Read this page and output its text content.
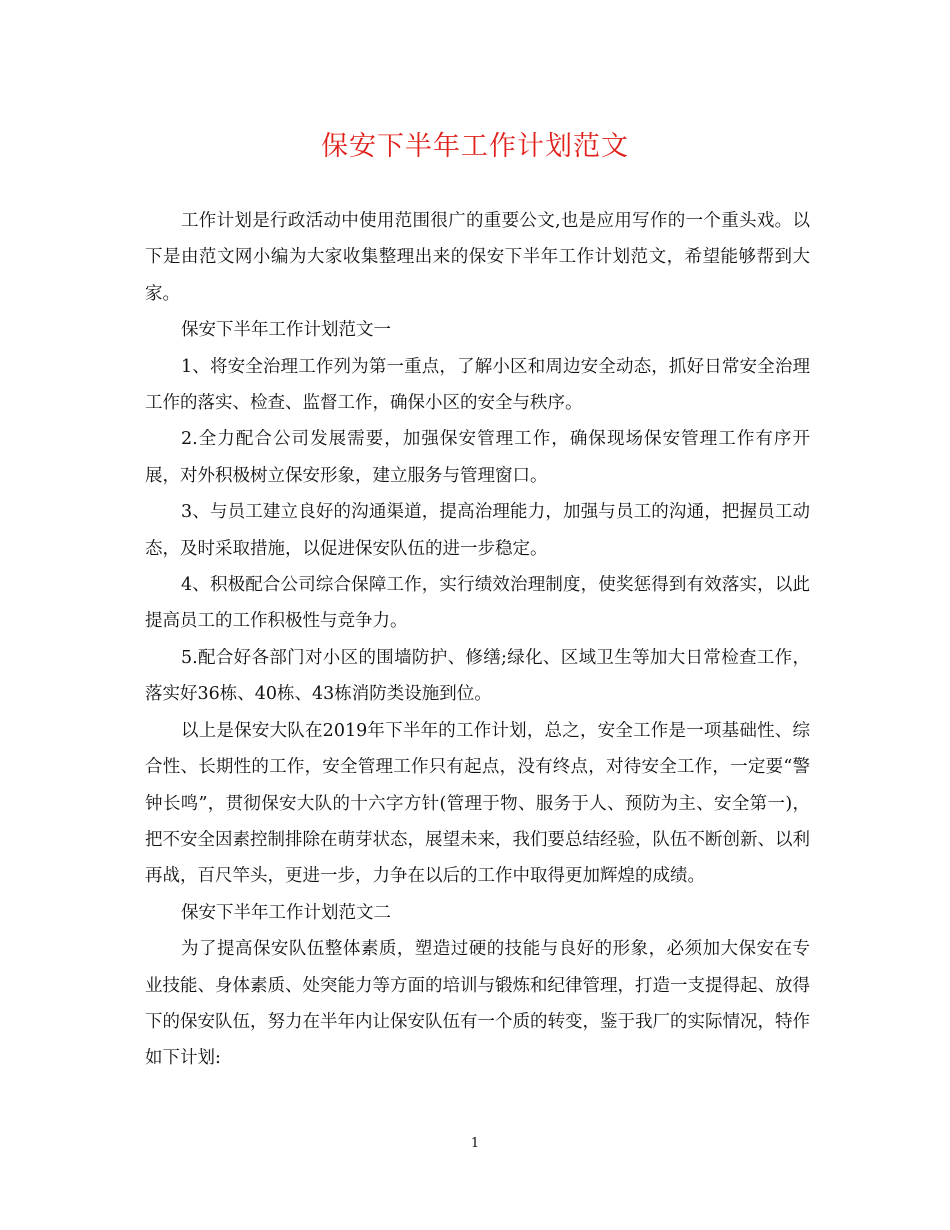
保安下半年工作计划范文

工作计划是行政活动中使用范围很广的重要公文,也是应用写作的一个重头戏。以下是由范文网小编为大家收集整理出来的保安下半年工作计划范文，希望能够帮到大家。

保安下半年工作计划范文一

1、将安全治理工作列为第一重点，了解小区和周边安全动态，抓好日常安全治理工作的落实、检查、监督工作，确保小区的安全与秩序。

2.全力配合公司发展需要，加强保安管理工作，确保现场保安管理工作有序开展，对外积极树立保安形象，建立服务与管理窗口。

3、与员工建立良好的沟通渠道，提高治理能力，加强与员工的沟通，把握员工动态，及时采取措施，以促进保安队伍的进一步稳定。

4、积极配合公司综合保障工作，实行绩效治理制度，使奖惩得到有效落实，以此提高员工的工作积极性与竞争力。

5.配合好各部门对小区的围墙防护、修缮;绿化、区域卫生等加大日常检查工作，落实好36栋、40栋、43栋消防类设施到位。

以上是保安大队在2019年下半年的工作计划，总之，安全工作是一项基础性、综合性、长期性的工作，安全管理工作只有起点，没有终点，对待安全工作，一定要“警钟长鸣”，贯彻保安大队的十六字方针(管理于物、服务于人、预防为主、安全第一)，把不安全因素控制排除在萌芽状态，展望未来，我们要总结经验，队伍不断创新、以利再战，百尺竿头，更进一步，力争在以后的工作中取得更加辉煌的成绩。

保安下半年工作计划范文二

为了提高保安队伍整体素质，塑造过硬的技能与良好的形象，必须加大保安在专业技能、身体素质、处突能力等方面的培训与锻炼和纪律管理，打造一支提得起、放得下的保安队伍，努力在半年内让保安队伍有一个质的转变，鉴于我厂的实际情况，特作如下计划:

1
